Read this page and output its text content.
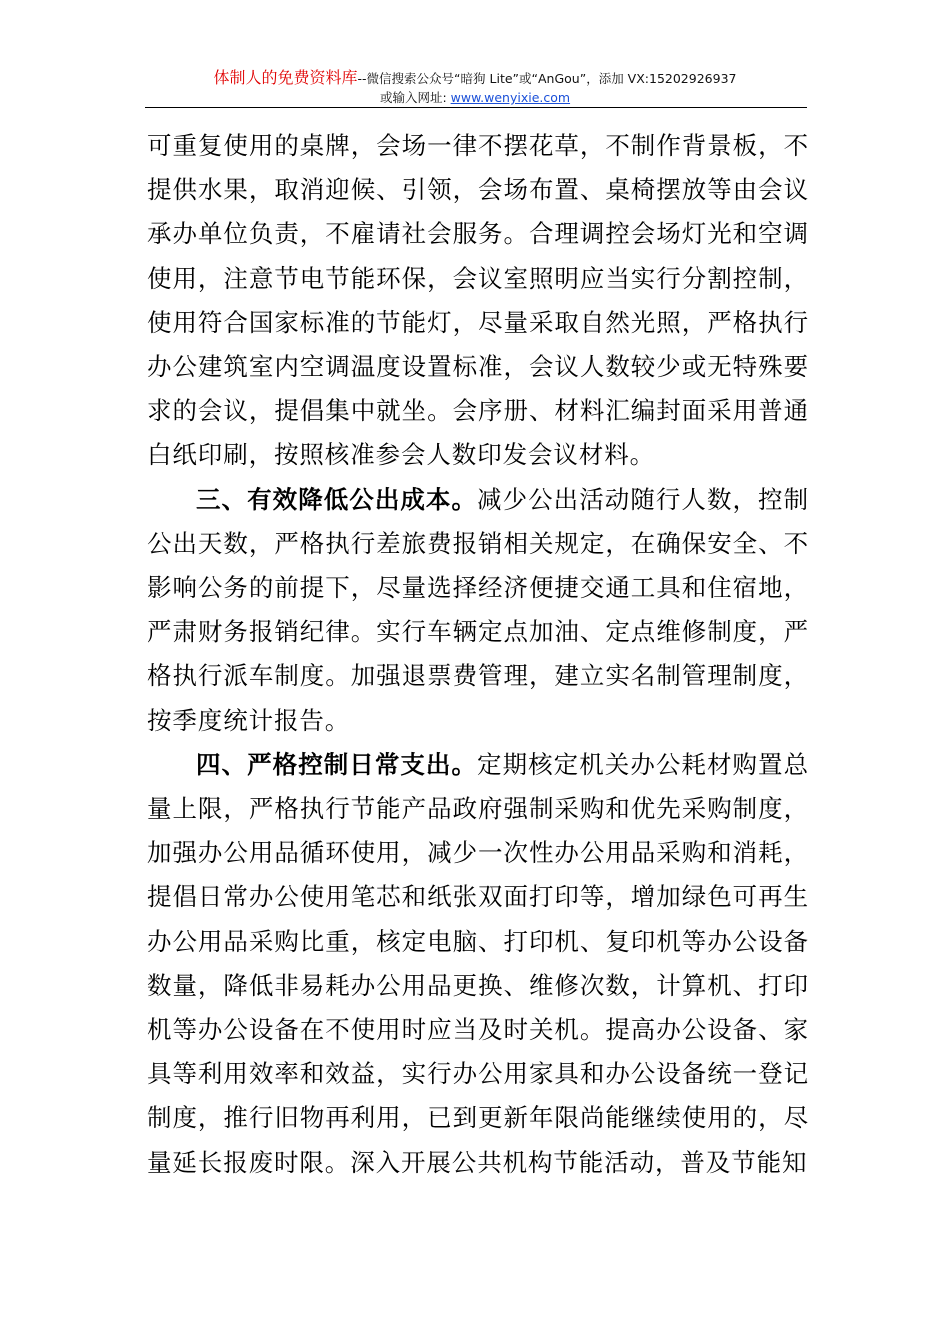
体制人的免费资料库--微信搜索公众号“暗狗 Lite”或“AnGou”，添加 VX:15202926937
或输入网址: www.wenyixie.com

可重复使用的桌牌，会场一律不摆花草，不制作背景板，不提供水果，取消迎候、引领，会场布置、桌椅摆放等由会议承办单位负责，不雇请社会服务。合理调控会场灯光和空调使用，注意节电节能环保，会议室照明应当实行分割控制，使用符合国家标准的节能灯，尽量采取自然光照，严格执行办公建筑室内空调温度设置标准，会议人数较少或无特殊要求的会议，提倡集中就坐。会序册、材料汇编封面采用普通白纸印刷，按照核准参会人数印发会议材料。

三、有效降低公出成本。减少公出活动随行人数，控制公出天数，严格执行差旅费报销相关规定，在确保安全、不影响公务的前提下，尽量选择经济便捷交通工具和住宿地，严肃财务报销纪律。实行车辆定点加油、定点维修制度，严格执行派车制度。加强退票费管理，建立实名制管理制度，按季度统计报告。

四、严格控制日常支出。定期核定机关办公耗材购置总量上限，严格执行节能产品政府强制采购和优先采购制度，加强办公用品循环使用，减少一次性办公用品采购和消耗，提倡日常办公使用笔芯和纸张双面打印等，增加绿色可再生办公用品采购比重，核定电脑、打印机、复印机等办公设备数量，降低非易耗办公用品更换、维修次数，计算机、打印机等办公设备在不使用时应当及时关机。提高办公设备、家具等利用效率和效益，实行办公用家具和办公设备统一登记制度，推行旧物再利用，已到更新年限尚能继续使用的，尽量延长报废时限。深入开展公共机构节能活动，普及节能知
